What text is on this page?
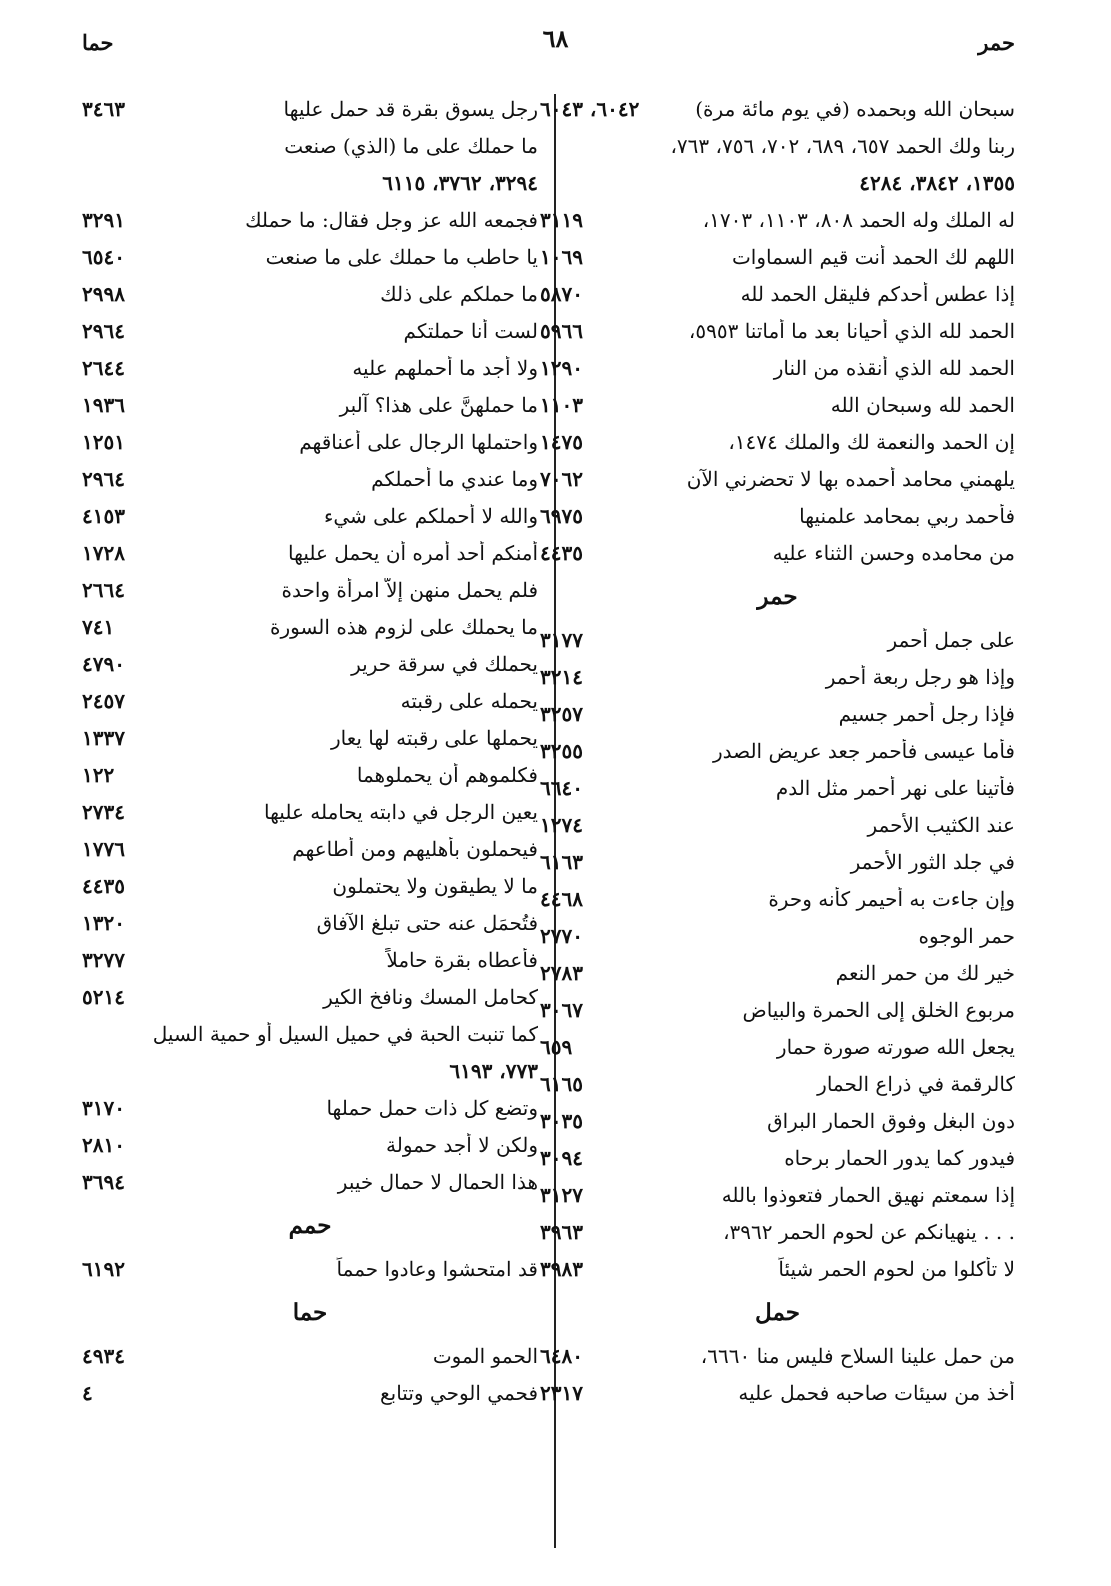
حمر
٦٨
حما
سبحان الله وبحمده (في يوم مائة مرة)
٦٠٤٢، ٦٠٤٣
ربنا ولك الحمد ٦٥٧، ٦٨٩، ٧٠٢، ٧٥٦، ٧٦٣،
١٣٥٥، ٣٨٤٢، ٤٢٨٤
له الملك وله الحمد ٨٠٨، ١١٠٣، ١٧٠٣،
٣١١٩
اللهم لك الحمد أنت قيم السماوات
١٠٦٩
إذا عطس أحدكم فليقل الحمد لله
٥٨٧٠
الحمد لله الذي أحيانا بعد ما أماتنا ٥٩٥٣،
٥٩٦٦
الحمد لله الذي أنقذه من النار
١٢٩٠
الحمد لله وسبحان الله
١١٠٣
إن الحمد والنعمة لك والملك ١٤٧٤،
١٤٧٥
يلهمني محامد أحمده بها لا تحضرني الآن
٧٠٦٢
فأحمد ربي بمحامد علمنيها
٦٩٧٥
من محامده وحسن الثناء عليه
٤٤٣٥
حمر
على جمل أحمر
٣١٧٧
وإذا هو رجل ربعة أحمر
٣٢١٤
فإذا رجل أحمر جسيم
٣٢٥٧
فأما عيسى فأحمر جعد عريض الصدر
٣٢٥٥
فأتينا على نهر أحمر مثل الدم
٦٦٤٠
عند الكثيب الأحمر
١٢٧٤
في جلد الثور الأحمر
٦١٦٣
وإن جاءت به أحيمر كأنه وحرة
٤٤٦٨
حمر الوجوه
٢٧٧٠
خير لك من حمر النعم
٢٧٨٣
مربوع الخلق إلى الحمرة والبياض
٣٠٦٧
يجعل الله صورته صورة حمار
٦٥٩
كالرقمة في ذراع الحمار
٦١٦٥
دون البغل وفوق الحمار البراق
٣٠٣٥
فيدور كما يدور الحمار برحاه
٣٠٩٤
إذا سمعتم نهيق الحمار فتعوذوا بالله
٣١٢٧
. . . ينهيانكم عن لحوم الحمر ٣٩٦٢،
٣٩٦٣
لا تأكلوا من لحوم الحمر شيئاً
٣٩٨٣
حمل
من حمل علينا السلاح فليس منا ٦٦٦٠،
٦٤٨٠
أخذ من سيئات صاحبه فحمل عليه
٢٣١٧
رجل يسوق بقرة قد حمل عليها
٣٤٦٣
ما حملك على ما (الذي) صنعت
٣٢٩٤، ٣٧٦٢، ٦١١٥
فجمعه الله عز وجل فقال: ما حملك
٣٢٩١
يا حاطب ما حملك على ما صنعت
٦٥٤٠
ما حملكم على ذلك
٢٩٩٨
لست أنا حملتكم
٢٩٦٤
ولا أجد ما أحملهم عليه
٢٦٤٤
ما حملهنَّ على هذا؟ آلبر
١٩٣٦
واحتملها الرجال على أعناقهم
١٢٥١
وما عندي ما أحملكم
٢٩٦٤
والله لا أحملكم على شيء
٤١٥٣
أمنكم أحد أمره أن يحمل عليها
١٧٢٨
فلم يحمل منهن إلاّ امرأة واحدة
٢٦٦٤
ما يحملك على لزوم هذه السورة
٧٤١
يحملك في سرقة حرير
٤٧٩٠
يحمله على رقبته
٢٤٥٧
يحملها على رقبته لها يعار
١٣٣٧
فكلموهم أن يحملوهما
١٢٢
يعين الرجل في دابته يحامله عليها
٢٧٣٤
فيحملون بأهليهم ومن أطاعهم
١٧٧٦
ما لا يطيقون ولا يحتملون
٤٤٣٥
فتُحمَل عنه حتى تبلغ الآفاق
١٣٢٠
فأعطاه بقرة حاملاً
٣٢٧٧
كحامل المسك ونافخ الكير
٥٢١٤
كما تنبت الحبة في حميل السيل أو حمية السيل
٧٧٣، ٦١٩٣
وتضع كل ذات حمل حملها
٣١٧٠
ولكن لا أجد حمولة
٢٨١٠
هذا الحمال لا حمال خيبر
٣٦٩٤
حمم
قد امتحشوا وعادوا حمماً
٦١٩٢
حما
الحمو الموت
٤٩٣٤
فحمي الوحي وتتابع
٤
